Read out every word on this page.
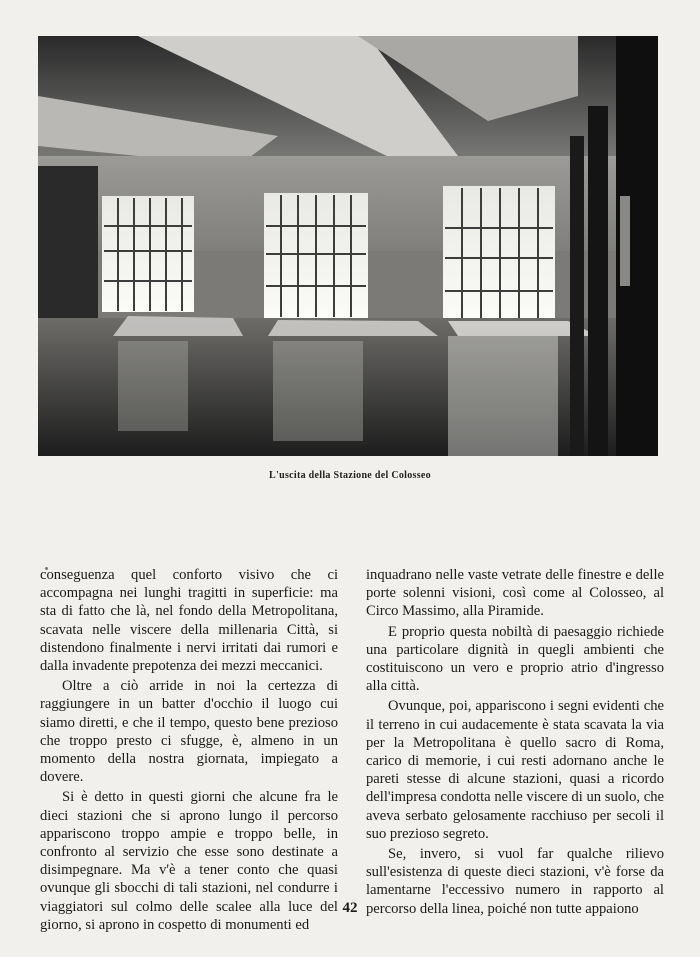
L'uscita della Stazione del Colosseo

conseguenza quel conforto visivo che ci accompagna nei lunghi tragitti in superficie: ma sta di fatto che là, nel fondo della Metropolitana, scavata nelle viscere della millenaria Città, si distendono finalmente i nervi irritati dai rumori e dalla invadente prepotenza dei mezzi meccanici.

Oltre a ciò arride in noi la certezza di raggiungere in un batter d'occhio il luogo cui siamo diretti, e che il tempo, questo bene prezioso che troppo presto ci sfugge, è, almeno in un momento della nostra giornata, impiegato a dovere.

Si è detto in questi giorni che alcune fra le dieci stazioni che si aprono lungo il percorso appariscono troppo ampie e troppo belle, in confronto al servizio che esse sono destinate a disimpegnare. Ma v'è a tener conto che quasi ovunque gli sbocchi di tali stazioni, nel condurre i viaggiatori sul colmo delle scalee alla luce del giorno, si aprono in cospetto di monumenti ed

inquadrano nelle vaste vetrate delle finestre e delle porte solenni visioni, così come al Colosseo, al Circo Massimo, alla Piramide.

E proprio questa nobiltà di paesaggio richiede una particolare dignità in quegli ambienti che costituiscono un vero e proprio atrio d'ingresso alla città.

Ovunque, poi, appariscono i segni evidenti che il terreno in cui audacemente è stata scavata la via per la Metropolitana è quello sacro di Roma, carico di memorie, i cui resti adornano anche le pareti stesse di alcune stazioni, quasi a ricordo dell'impresa condotta nelle viscere di un suolo, che aveva serbato gelosamente racchiuso per secoli il suo prezioso segreto.

Se, invero, si vuol far qualche rilievo sull'esistenza di queste dieci stazioni, v'è forse da lamentarne l'eccessivo numero in rapporto al percorso della linea, poiché non tutte appaiono

42
